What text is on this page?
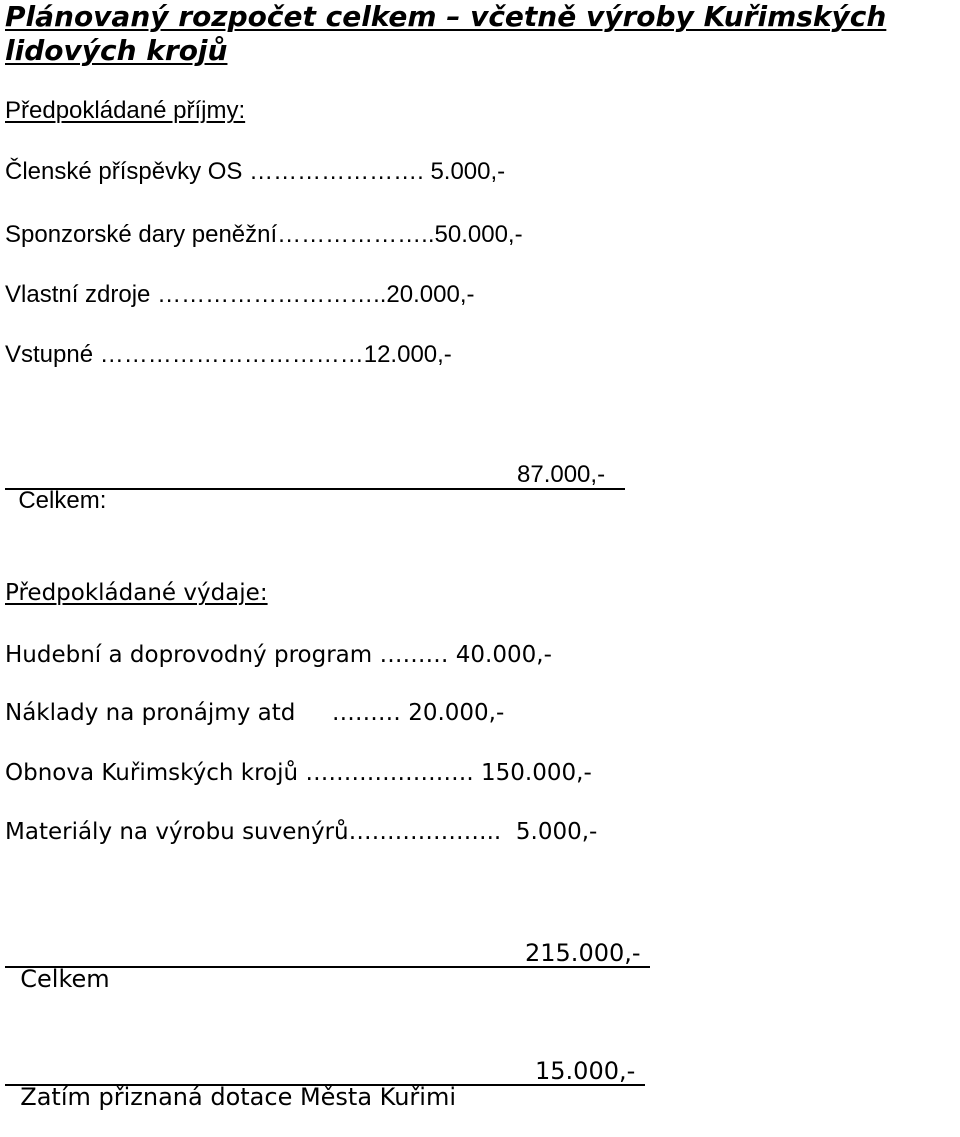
Plánovaný rozpočet celkem – včetně výroby Kuřimských lidových krojů
Předpokládané příjmy:
Členské příspěvky OS …………………. 5.000,-
Sponzorské dary peněžní………………..50.000,-
Vlastní zdroje ………………………..20.000,-
Vstupné ……………………………12.000,-

Celkem:

87.000,-

Předpokládané výdaje:
Hudební a doprovodný program ……… 40.000,-
Náklady na pronájmy atd     ……… 20.000,-
Obnova Kuřimských krojů …………………. 150.000,-
Materiály na výrobu suvenýrů………………..  5.000,-

Celkem

215.000,-

Zatím přiznaná dotace Města Kuřimi

15.000,-
